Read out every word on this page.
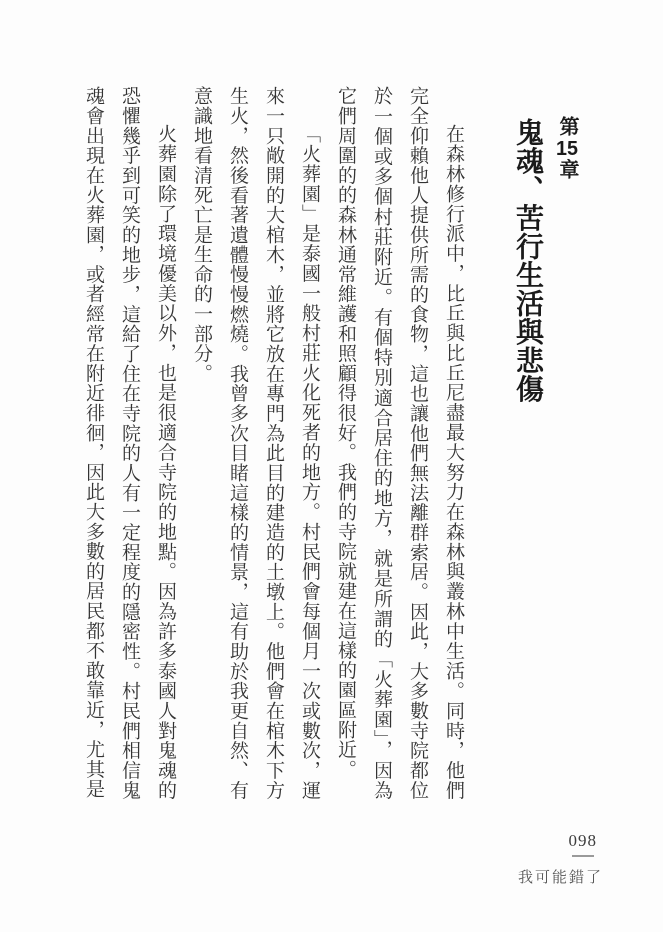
第15章

鬼魂、苦行生活與悲傷

在森林修行派中，比丘與比丘尼盡最大努力在森林與叢林中生活。同時，他們完全仰賴他人提供所需的食物，這也讓他們無法離群索居。因此，大多數寺院都位於一個或多個村莊附近。有個特別適合居住的地方，就是所謂的「火葬園」，因為它們周圍的的森林通常維護和照顧得很好。我們的寺院就建在這樣的園區附近。

「火葬園」是泰國一般村莊火化死者的地方。村民們會每個月一次或數次，運來一只敞開的大棺木，並將它放在專門為此目的建造的土墩上。他們會在棺木下方生火，然後看著遺體慢慢燃燒。我曾多次目睹這樣的情景，這有助於我更自然、有意識地看清死亡是生命的一部分。

火葬園除了環境優美以外，也是很適合寺院的地點。因為許多泰國人對鬼魂的恐懼幾乎到可笑的地步，這給了住在寺院的人有一定程度的隱密性。村民們相信鬼魂會出現在火葬園，或者經常在附近徘徊，因此大多數的居民都不敢靠近，尤其是

098
我可能錯了
